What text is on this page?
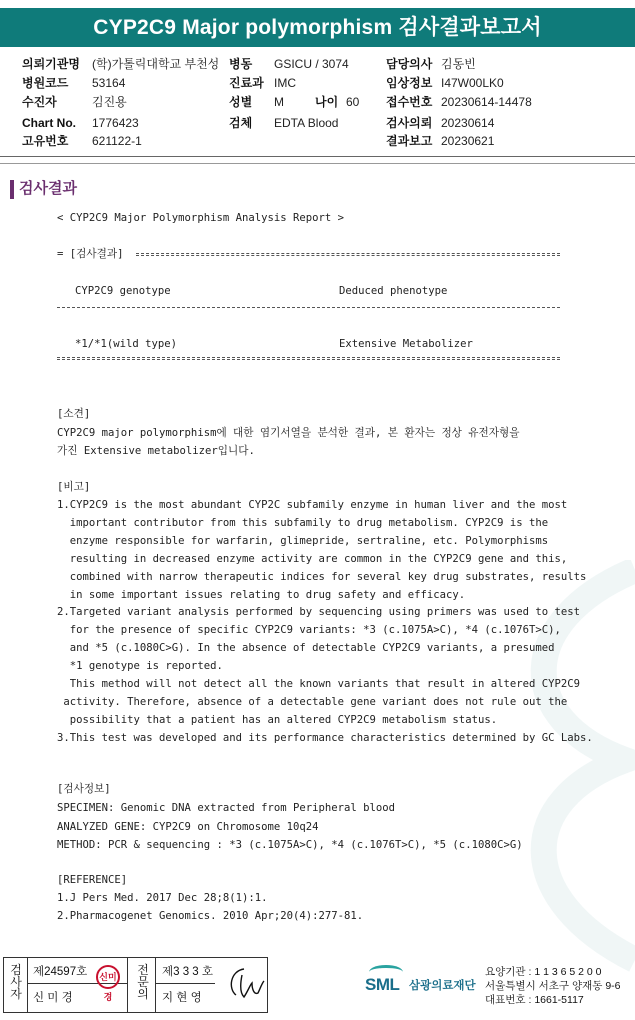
CYP2C9 Major polymorphism 검사결과보고서
의뢰기관명 (학)가톨릭대학교 부천성 병동 GSICU / 3074	담당의사 김동빈
병원코드 53164	진료과 IMC	임상정보 I47W00LK0
수진자	김진용	성별 M	나이 60 접수번호 20230614-14478
Chart No. 1776423	검체 EDTA Blood	검사의뢰 20230614
고유번호 621122-1	결과보고 20230621
검사결과
< CYP2C9 Major Polymorphism Analysis Report >
= [검사결과]
CYP2C9 genotype	Deduced phenotype
*1/*1(wild type)	Extensive Metabolizer
[소견]
CYP2C9 major polymorphism에 대한 염기서열을 분석한 결과, 본 환자는 정상 유전자형을
가진 Extensive metabolizer입니다.
[비고]
1.CYP2C9 is the most abundant CYP2C subfamily enzyme in human liver and the most
important contributor from this subfamily to drug metabolism. CYP2C9 is the
enzyme responsible for warfarin, glimepride, sertraline, etc. Polymorphisms
resulting in decreased enzyme activity are common in the CYP2C9 gene and this,
combined with narrow therapeutic indices for several key drug substrates, results
in some important issues relating to drug safety and efficacy.
2.Targeted variant analysis performed by sequencing using primers was used to test
for the presence of specific CYP2C9 variants: *3 (c.1075A>C), *4 (c.1076T>C),
and *5 (c.1080C>G). In the absence of detectable CYP2C9 variants, a presumed
*1 genotype is reported.
This method will not detect all the known variants that result in altered CYP2C9
activity. Therefore, absence of a detectable gene variant does not rule out the
possibility that a patient has an altered CYP2C9 metabolism status.
3.This test was developed and its performance characteristics determined by GC Labs.
[검사정보]
SPECIMEN: Genomic DNA extracted from Peripheral blood
ANALYZED GENE: CYP2C9 on Chromosome 10q24
METHOD: PCR & sequencing : *3 (c.1075A>C), *4 (c.1076T>C), *5 (c.1080C>G)
[REFERENCE]
1.J Pers Med. 2017 Dec 28;8(1):1.
2.Pharmacogenet Genomics. 2010 Apr;20(4):277-81.
검사자
제24597호
신 미 경
신미경
전문의
제3 3 3 호
지 현 영
SML 삼광의료재단
요양기관 : 1 1 3 6 5 2 0 0
서울특별시 서초구 양재동 9-6
대표번호 : 1661-5117
